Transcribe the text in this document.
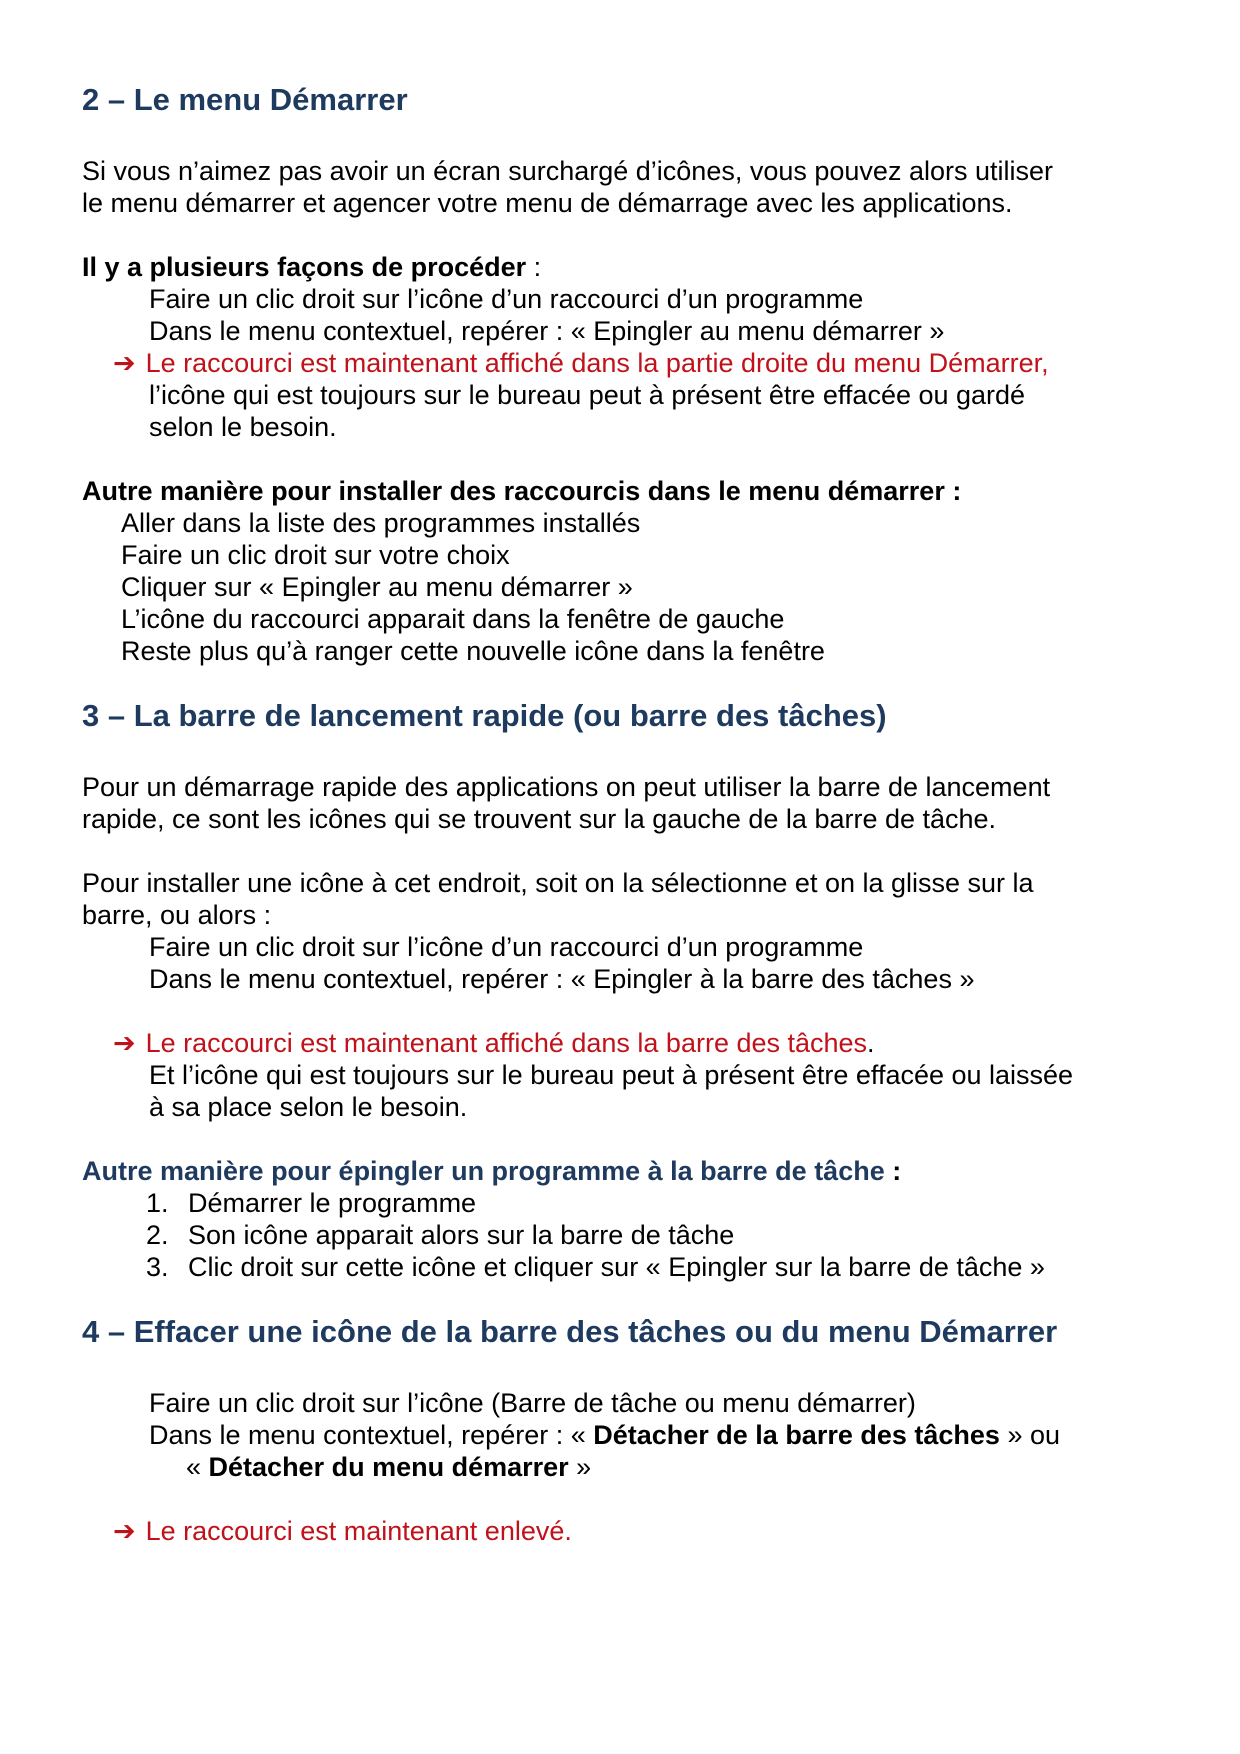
2 – Le menu Démarrer
Si vous n’aimez pas avoir un écran surchargé d’icônes, vous pouvez alors utiliser
le menu démarrer et agencer votre menu de démarrage avec les applications.
Il y a plusieurs façons de procéder :
Faire un clic droit sur l’icône d’un raccourci d’un programme
Dans le menu contextuel, repérer : « Epingler au menu démarrer »
➔ Le raccourci est maintenant affiché dans la partie droite du menu Démarrer,
l’icône qui est toujours sur le bureau peut à présent être effacée ou gardé
selon le besoin.
Autre manière pour installer des raccourcis dans le menu démarrer :
Aller dans la liste des programmes installés
Faire un clic droit sur votre choix
Cliquer sur « Epingler au menu démarrer »
L’icône du raccourci apparait dans la fenêtre de gauche
Reste plus qu’à ranger cette nouvelle icône dans la fenêtre
3 – La barre de lancement rapide (ou barre des tâches)
Pour un démarrage rapide des applications on peut utiliser la barre de lancement
rapide, ce sont les icônes qui se trouvent sur la gauche de la barre de tâche.
Pour installer une icône à cet endroit, soit on la sélectionne et on la glisse sur la
barre, ou alors :
Faire un clic droit sur l’icône d’un raccourci d’un programme
Dans le menu contextuel, repérer : « Epingler à la barre des tâches »
➔ Le raccourci est maintenant affiché dans la barre des tâches.
Et l’icône qui est toujours sur le bureau peut à présent être effacée ou laissée
à sa place selon le besoin.
Autre manière pour épingler un programme à la barre de tâche :
1. Démarrer le programme
2. Son icône apparait alors sur la barre de tâche
3. Clic droit sur cette icône et cliquer sur « Epingler sur la barre de tâche »
4 – Effacer une icône de la barre des tâches ou du menu Démarrer
Faire un clic droit sur l’icône (Barre de tâche ou menu démarrer)
Dans le menu contextuel, repérer : « Détacher de la barre des tâches » ou
« Détacher du menu démarrer »
➔ Le raccourci est maintenant enlevé.
